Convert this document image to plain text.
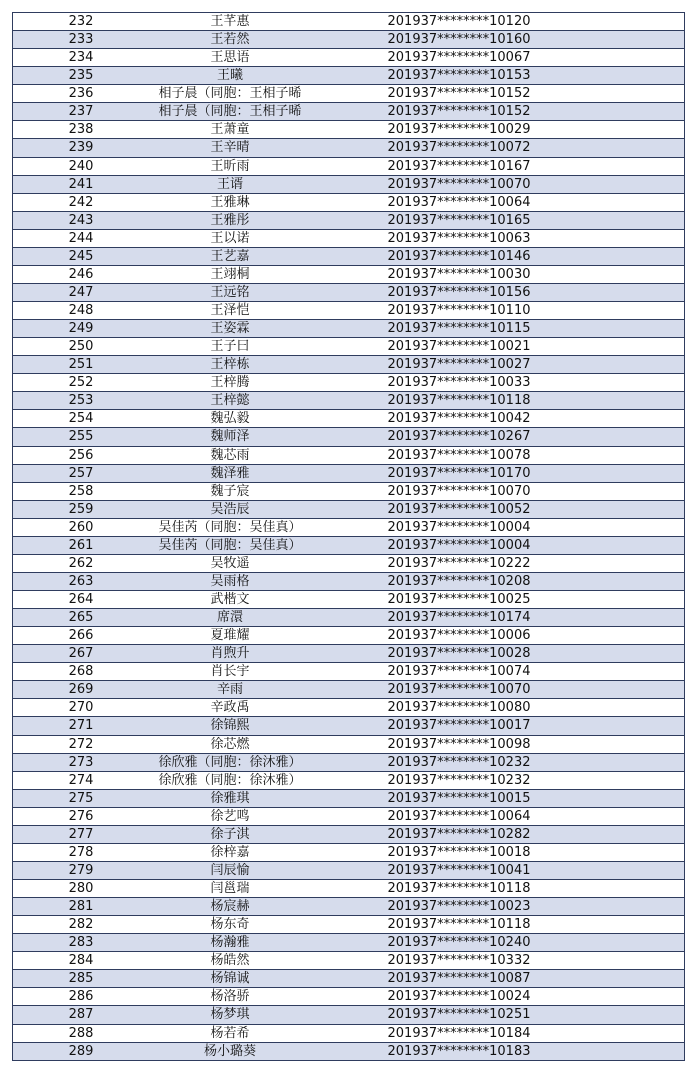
232	王芊惠	201937********10120
233	王若然	201937********10160
234	王思语	201937********10067
235	王曦	201937********10153
236	相子晨（同胞：王相子晞	201937********10152
237	相子晨（同胞：王相子晞	201937********10152
238	王萧童	201937********10029
239	王辛晴	201937********10072
240	王昕雨	201937********10167
241	王谞	201937********10070
242	王雅琳	201937********10064
243	王雅彤	201937********10165
244	王以诺	201937********10063
245	王艺嘉	201937********10146
246	王翊桐	201937********10030
247	王远铭	201937********10156
248	王泽恺	201937********10110
249	王姿霖	201937********10115
250	王子曰	201937********10021
251	王梓栋	201937********10027
252	王梓腾	201937********10033
253	王梓懿	201937********10118
254	魏弘毅	201937********10042
255	魏师泽	201937********10267
256	魏芯雨	201937********10078
257	魏泽雅	201937********10170
258	魏子宸	201937********10070
259	吴浩辰	201937********10052
260	吴佳芮（同胞：吴佳真）	201937********10004
261	吴佳芮（同胞：吴佳真）	201937********10004
262	吴牧遥	201937********10222
263	吴雨格	201937********10208
264	武楷文	201937********10025
265	席澴	201937********10174
266	夏琟耀	201937********10006
267	肖煦升	201937********10028
268	肖长宇	201937********10074
269	辛雨	201937********10070
270	辛政禹	201937********10080
271	徐锦熙	201937********10017
272	徐芯燃	201937********10098
273	徐欣雅（同胞：徐沐雅）	201937********10232
274	徐欣雅（同胞：徐沐雅）	201937********10232
275	徐雅琪	201937********10015
276	徐艺鸣	201937********10064
277	徐子淇	201937********10282
278	徐梓嘉	201937********10018
279	闫辰愉	201937********10041
280	闫邕瑞	201937********10118
281	杨宸赫	201937********10023
282	杨东奇	201937********10118
283	杨瀚雅	201937********10240
284	杨皓然	201937********10332
285	杨锦诚	201937********10087
286	杨洛骄	201937********10024
287	杨梦琪	201937********10251
288	杨若希	201937********10184
289	杨小璐葵	201937********10183
